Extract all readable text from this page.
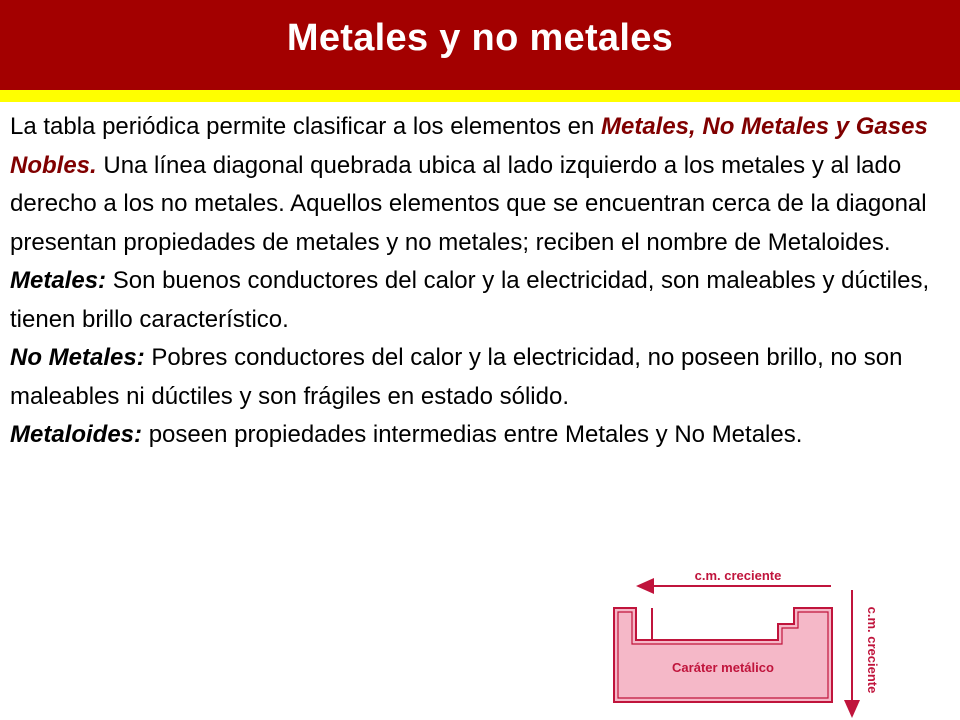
Metales y no metales

La tabla periódica permite clasificar a los elementos en Metales, No Metales y Gases Nobles. Una línea diagonal quebrada ubica al lado izquierdo a los metales y al lado derecho a los no metales. Aquellos elementos que se encuentran cerca de la diagonal presentan propiedades de metales y no metales; reciben el nombre de Metaloides.

Metales: Son buenos conductores del calor y la electricidad, son maleables y dúctiles, tienen brillo característico.

No Metales: Pobres conductores del calor y la electricidad, no poseen brillo, no son maleables ni dúctiles y son frágiles en estado sólido.

Metaloides: poseen propiedades intermedias entre Metales y No Metales.

c.m. creciente
Caráter metálico	c.m. creciente
